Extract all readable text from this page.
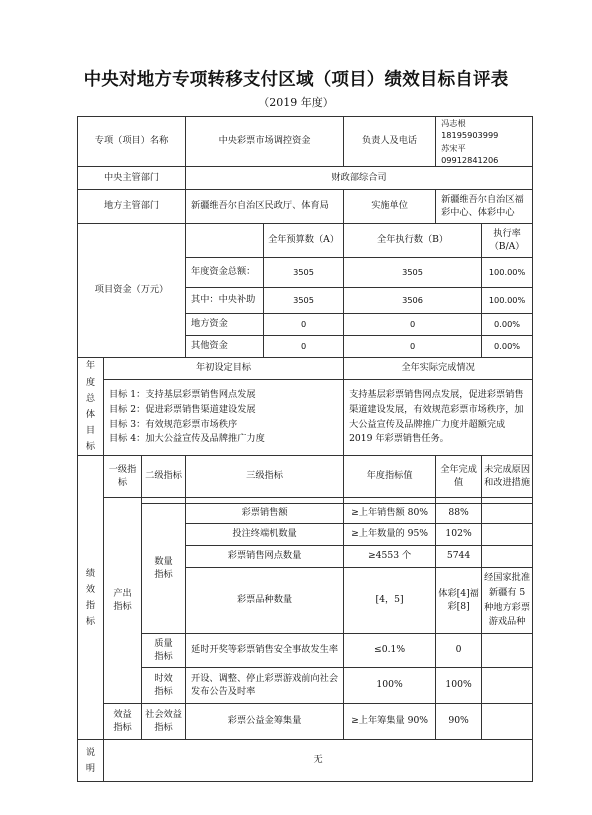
中央对地方专项转移支付区域（项目）绩效目标自评表
（2019 年度）
专项（项目）名称			中央彩票市场调控资金		负责人及电话	冯志根　18195903999
苏宋平　09912841206	

中央主管部门			财政部综合司				
地方主管部门			新疆维吾尔自治区民政厅、体育局		实施单位	新疆维吾尔自治区福彩中心、体彩中心	
项目资金（万元）				全年预算数（A）	全年执行数（B）		执行率（B/A）
			年度资金总额：	3505	3505		100.00%
			其中：中央补助	3505	3506		100.00%
			地方资金	0	0		0.00%
			其他资金	0	0		0.00%

年度总体目标	年初设定目标				全年实际完成情况		

	目标 1：支持基层彩票销售网点发展
目标 2：促进彩票销售渠道建设发展
目标 3：有效规范彩票市场秩序
目标 4：加大公益宣传及品牌推广力度				支持基层彩票销售网点发展，促进彩票销售渠道建设发展，有效规范彩票市场秩序，加大公益宣传及品牌推广力度并超额完成 2019 年彩票销售任务。		

绩效指标	一级指标	二级指标	三级指标		年度指标值	全年完成值	未完成原因和改进措施

	产出指标						

		数量指标	彩票销售额		≥上年销售额 80%	88%	
			投注终端机数量		≥上年数量的 95%	102%	
			彩票销售网点数量		≥4553 个	5744	
			彩票品种数量		[4，5]	体彩[4]福彩[8]	经国家批准新疆有 5 种地方彩票游戏品种

		质量指标	延时开奖等彩票销售安全事故发生率		≤0.1%	0	

		时效指标	开设、调整、停止彩票游戏前向社会发布公告及时率		100%	100%	

	效益指标	社会效益指标	彩票公益金筹集量		≥上年筹集量 90%	90%	

说明	无						
